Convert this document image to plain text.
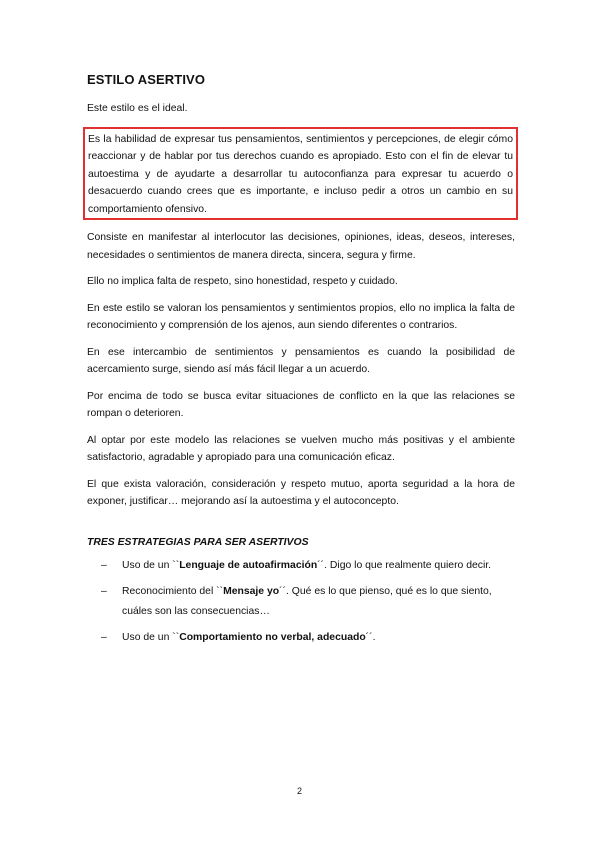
ESTILO ASERTIVO

Este estilo es el ideal.

Es la habilidad de expresar tus pensamientos, sentimientos y percepciones, de elegir cómo reaccionar y de hablar por tus derechos cuando es apropiado. Esto con el fin de elevar tu autoestima y de ayudarte a desarrollar tu autoconfianza para expresar tu acuerdo o desacuerdo cuando crees que es importante, e incluso pedir a otros un cambio en su comportamiento ofensivo.

Consiste en manifestar al interlocutor las decisiones, opiniones, ideas, deseos, intereses, necesidades o sentimientos de manera directa, sincera, segura y firme.

Ello no implica falta de respeto, sino honestidad, respeto y cuidado.

En este estilo se valoran los pensamientos y sentimientos propios, ello no implica la falta de reconocimiento y comprensión de los ajenos, aun siendo diferentes o contrarios.

En ese intercambio de sentimientos y pensamientos es cuando la posibilidad de acercamiento surge, siendo así más fácil llegar a un acuerdo.

Por encima de todo se busca evitar situaciones de conflicto en la que las relaciones se rompan o deterioren.

Al optar por este modelo las relaciones se vuelven mucho más positivas y el ambiente satisfactorio, agradable y apropiado para una comunicación eficaz.

El que exista valoración, consideración y respeto mutuo, aporta seguridad a la hora de exponer, justificar… mejorando así la autoestima y el autoconcepto.

TRES ESTRATEGIAS PARA SER ASERTIVOS
– Uso de un ``Lenguaje de autoafirmación´´. Digo lo que realmente quiero decir.
– Reconocimiento del ``Mensaje yo´´. Qué es lo que pienso, qué es lo que siento, cuáles son las consecuencias…
– Uso de un ``Comportamiento no verbal, adecuado´´.
2
